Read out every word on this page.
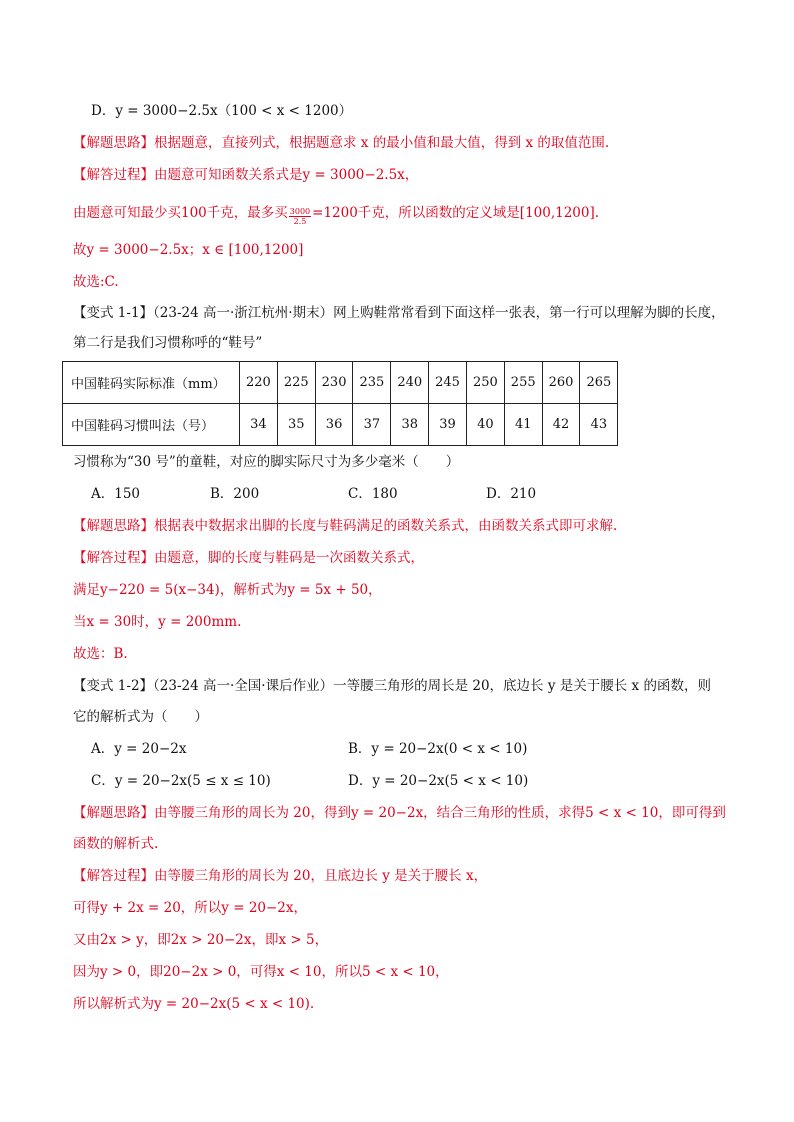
D．y = 3000−2.5x（100 < x < 1200）
【解题思路】根据题意，直接列式，根据题意求 x 的最小值和最大值，得到 x 的取值范围.
【解答过程】由题意可知函数关系式是y = 3000−2.5x，
由题意可知最少买100千克，最多买 $\frac{3000}{2.5} =1200$千克，所以函数的定义域是[100,1200].
故y = 3000−2.5x；x ∈ [100,1200]
故选:C.
【变式 1-1】（23-24 高一·浙江杭州·期末）网上购鞋常常看到下面这样一张表，第一行可以理解为脚的长度，
第二行是我们习惯称呼的“鞋号”
中国鞋码实际标准（mm）	220	225	230	235	240	245	250	255	260	265
中国鞋码习惯叫法（号）	34	35	36	37	38	39	40	41	42	43
习惯称为“30 号”的童鞋，对应的脚实际尺寸为多少毫米（　　）
A．150	B．200	C．180	D．210
【解题思路】根据表中数据求出脚的长度与鞋码满足的函数关系式，由函数关系式即可求解.
【解答过程】由题意，脚的长度与鞋码是一次函数关系式，
满足y−220 = 5(x−34)，解析式为y = 5x + 50，
当x = 30时，y = 200mm.
故选：B.
【变式 1-2】（23-24 高一·全国·课后作业）一等腰三角形的周长是 20，底边长 y 是关于腰长 x 的函数，则
它的解析式为（　　）
A．y = 20−2x	B．y = 20−2x(0 < x < 10)
C．y = 20−2x(5 ≤ x ≤ 10)	D．y = 20−2x(5 < x < 10)
【解题思路】由等腰三角形的周长为 20，得到y = 20−2x，结合三角形的性质，求得5 < x < 10，即可得到
函数的解析式.
【解答过程】由等腰三角形的周长为 20，且底边长 y 是关于腰长 x，
可得y + 2x = 20，所以y = 20−2x，
又由2x > y，即2x > 20−2x，即x > 5，
因为y > 0，即20−2x > 0，可得x < 10，所以5 < x < 10，
所以解析式为y = 20−2x(5 < x < 10).
